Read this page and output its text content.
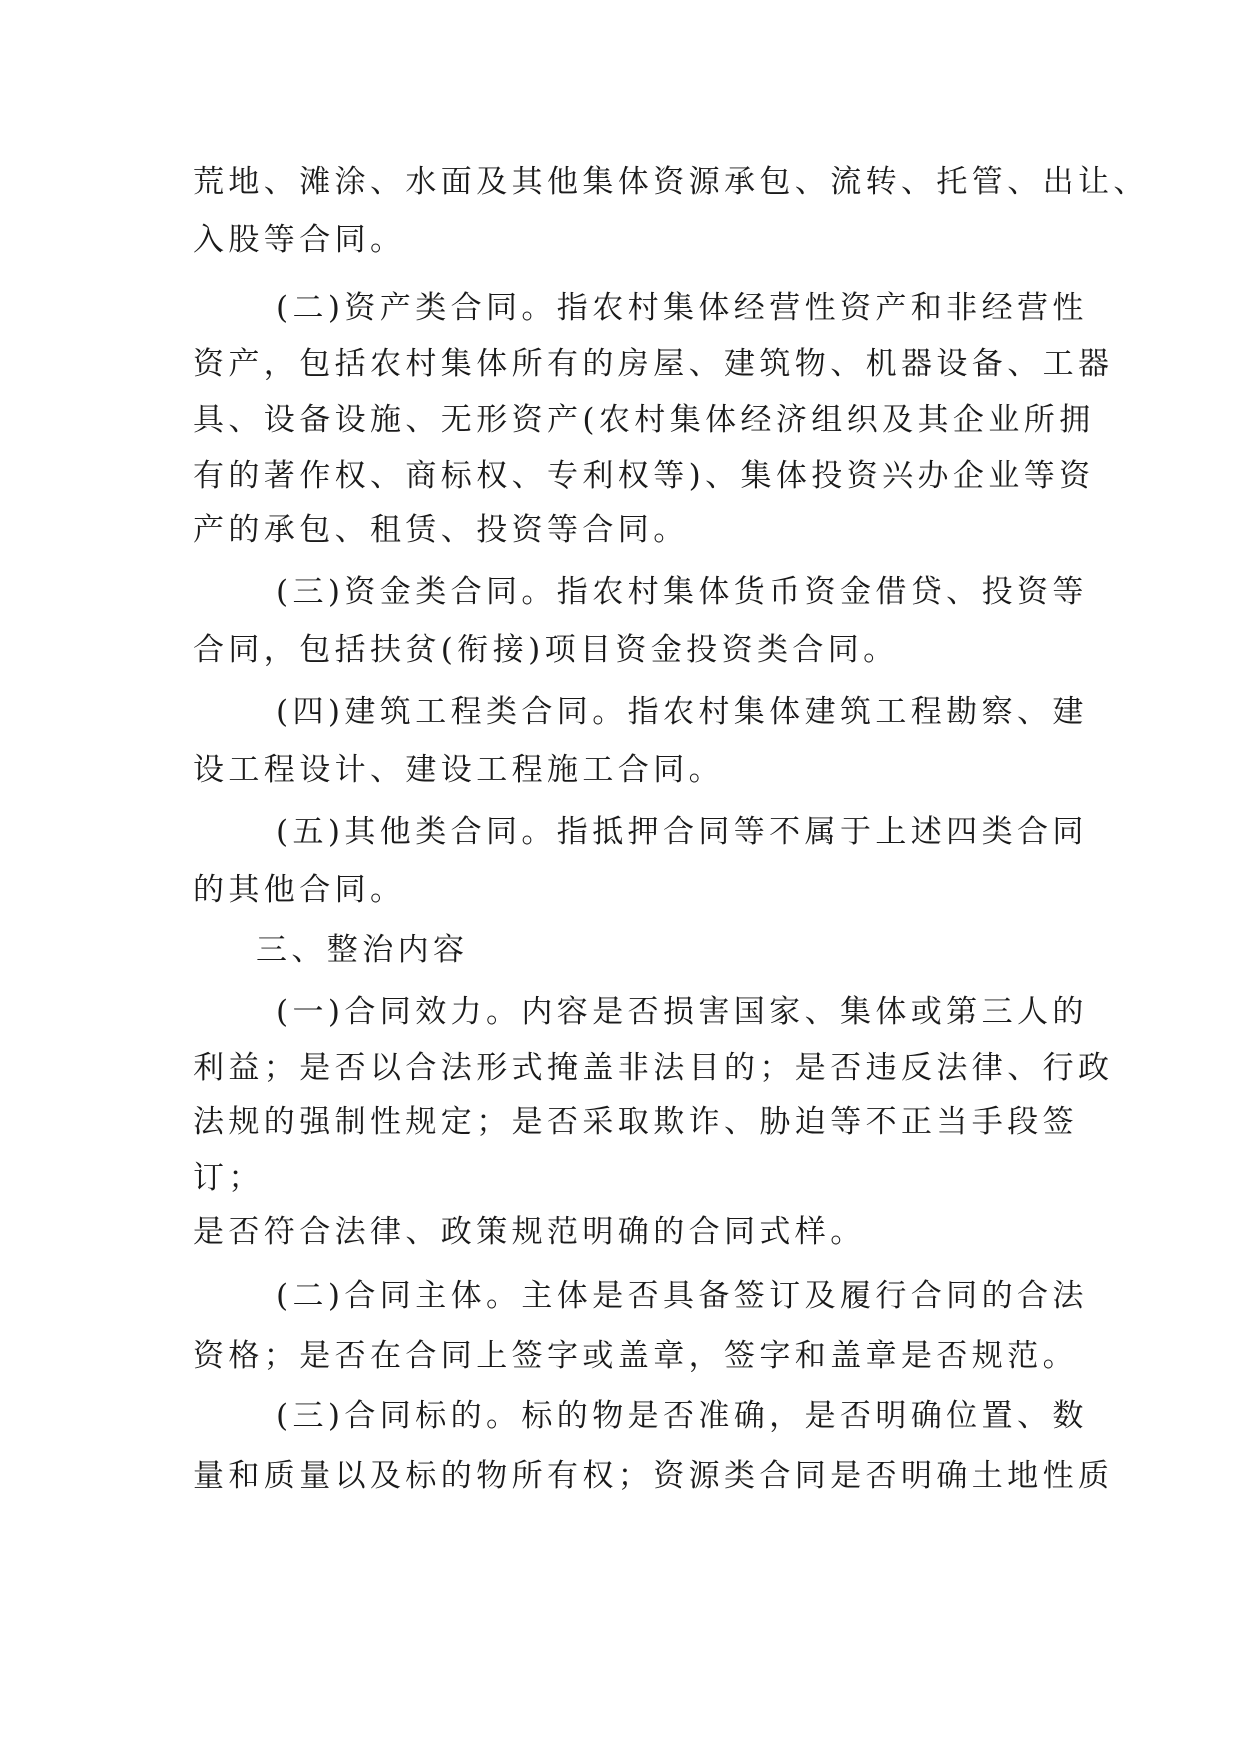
荒地、滩涂、水面及其他集体资源承包、流转、托管、出让、
入股等合同。
(二)资产类合同。指农村集体经营性资产和非经营性
资产，包括农村集体所有的房屋、建筑物、机器设备、工器
具、设备设施、无形资产(农村集体经济组织及其企业所拥
有的著作权、商标权、专利权等)、集体投资兴办企业等资
产的承包、租赁、投资等合同。
(三)资金类合同。指农村集体货币资金借贷、投资等
合同，包括扶贫(衔接)项目资金投资类合同。
(四)建筑工程类合同。指农村集体建筑工程勘察、建
设工程设计、建设工程施工合同。
(五)其他类合同。指抵押合同等不属于上述四类合同
的其他合同。
三、整治内容
(一)合同效力。内容是否损害国家、集体或第三人的
利益；是否以合法形式掩盖非法目的；是否违反法律、行政
法规的强制性规定；是否采取欺诈、胁迫等不正当手段签
订；
是否符合法律、政策规范明确的合同式样。
(二)合同主体。主体是否具备签订及履行合同的合法
资格；是否在合同上签字或盖章，签字和盖章是否规范。
(三)合同标的。标的物是否准确，是否明确位置、数
量和质量以及标的物所有权；资源类合同是否明确土地性质
